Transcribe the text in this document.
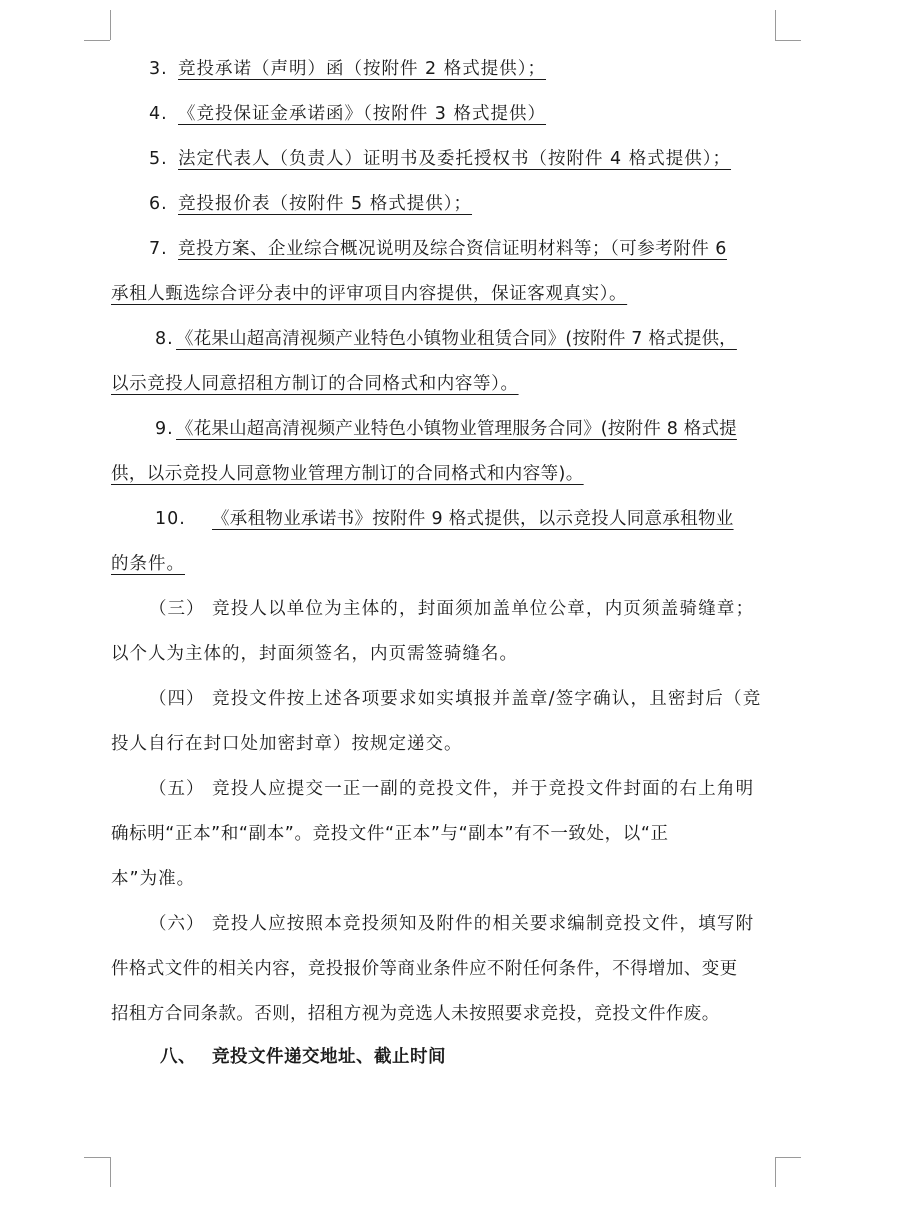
3. 竞投承诺（声明）函（按附件 2 格式提供）；
4. 《竞投保证金承诺函》（按附件 3 格式提供）
5. 法定代表人（负责人）证明书及委托授权书（按附件 4 格式提供）；
6. 竞投报价表（按附件 5 格式提供）；
7. 竞投方案、企业综合概况说明及综合资信证明材料等；（可参考附件 6
承租人甄选综合评分表中的评审项目内容提供，保证客观真实）。
8. 《花果山超高清视频产业特色小镇物业租赁合同》(按附件 7 格式提供，
以示竞投人同意招租方制订的合同格式和内容等）。
9. 《花果山超高清视频产业特色小镇物业管理服务合同》(按附件 8 格式提
供，以示竞投人同意物业管理方制订的合同格式和内容等)。
10. 《承租物业承诺书》按附件 9 格式提供，以示竞投人同意承租物业
的条件。
（三） 竞投人以单位为主体的，封面须加盖单位公章，内页须盖骑缝章；
以个人为主体的，封面须签名，内页需签骑缝名。
（四） 竞投文件按上述各项要求如实填报并盖章/签字确认，且密封后（竞
投人自行在封口处加密封章）按规定递交。
（五） 竞投人应提交一正一副的竞投文件，并于竞投文件封面的右上角明
确标明“正本”和“副本”。竞投文件“正本”与“副本”有不一致处，以“正
本”为准。
（六） 竞投人应按照本竞投须知及附件的相关要求编制竞投文件，填写附
件格式文件的相关内容，竞投报价等商业条件应不附任何条件，不得增加、变更
招租方合同条款。否则，招租方视为竞选人未按照要求竞投，竞投文件作废。
八、 竞投文件递交地址、截止时间
